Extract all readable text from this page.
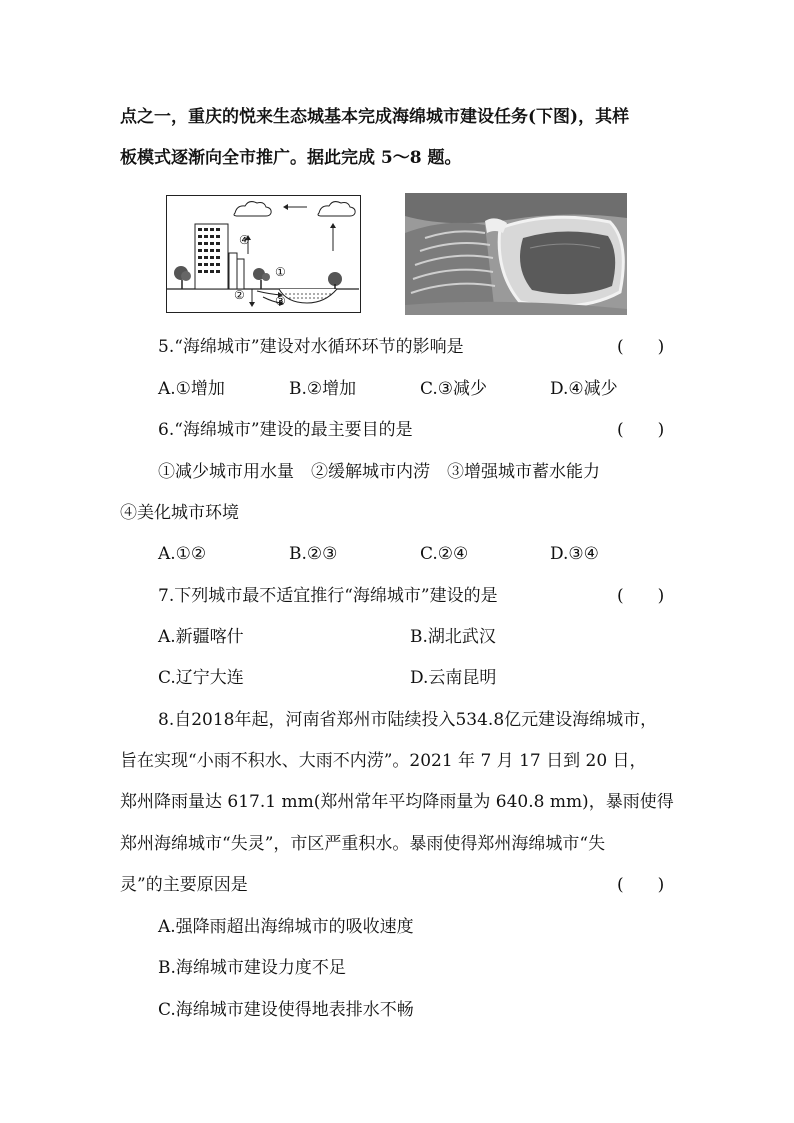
点之一，重庆的悦来生态城基本完成海绵城市建设任务(下图)，其样
板模式逐渐向全市推广。据此完成 5～8 题。
④
①
②	③
5.“海绵城市”建设对水循环环节的影响是	(　　)
A.①增加	B.②增加	C.③减少	D.④减少
6.“海绵城市”建设的最主要目的是	(　　)
①减少城市用水量　②缓解城市内涝　③增强城市蓄水能力
④美化城市环境
A.①②	B.②③	C.②④	D.③④
7.下列城市最不适宜推行“海绵城市”建设的是	(　　)
A.新疆喀什	B.湖北武汉
C.辽宁大连	D.云南昆明
8.自2018年起，河南省郑州市陆续投入534.8亿元建设海绵城市，
旨在实现“小雨不积水、大雨不内涝”。2021 年 7 月 17 日到 20 日，
郑州降雨量达 617.1 mm(郑州常年平均降雨量为 640.8 mm)，暴雨使得
郑州海绵城市“失灵”，市区严重积水。暴雨使得郑州海绵城市“失
灵”的主要原因是	(　　)
A.强降雨超出海绵城市的吸收速度
B.海绵城市建设力度不足
C.海绵城市建设使得地表排水不畅
